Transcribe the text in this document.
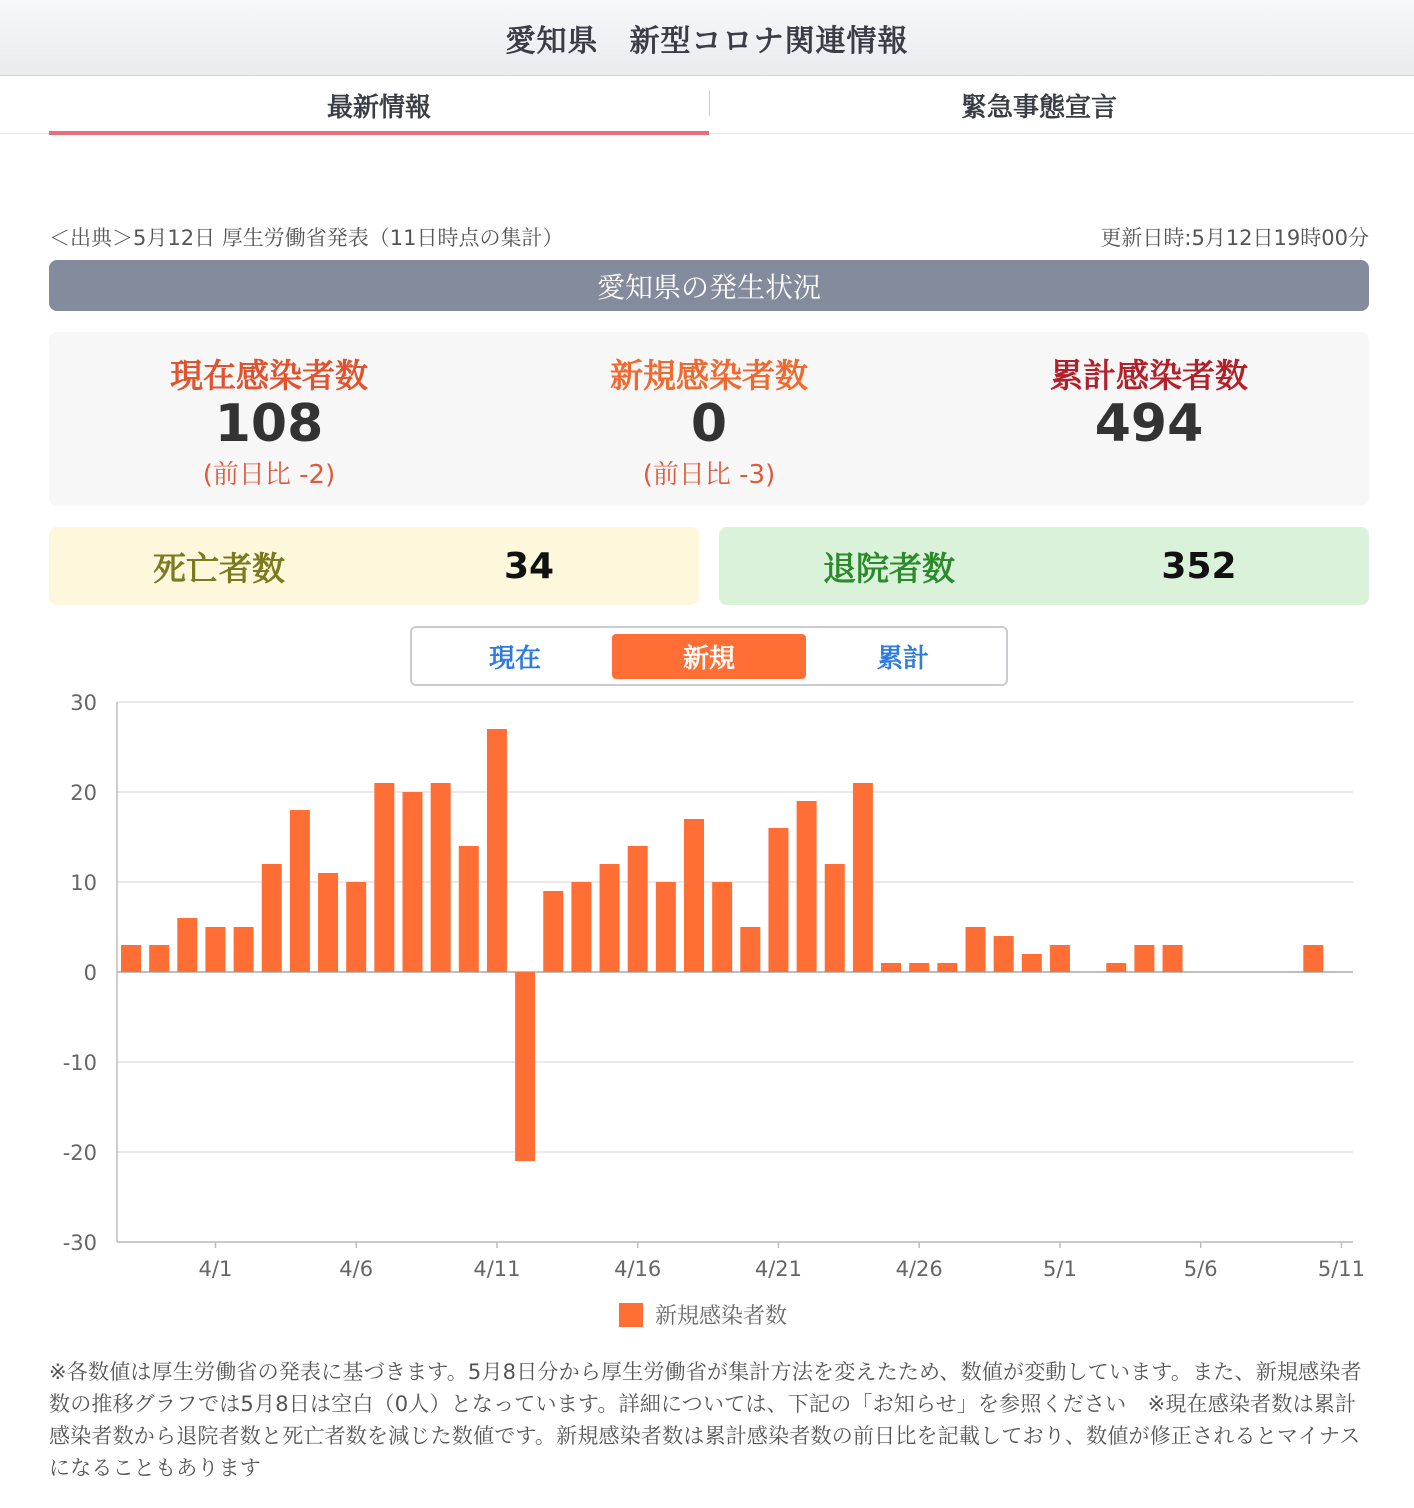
愛知県　新型コロナ関連情報
最新情報	緊急事態宣言
＜出典＞5月12日 厚生労働省発表（11日時点の集計）	更新日時:5月12日19時00分
愛知県の発生状況
現在感染者数
108
(前日比 -2)
新規感染者数
0
(前日比 -3)
累計感染者数
494
死亡者数	34	退院者数	352
現在	新規	累計
30
20
10
0
-10
-20
-30
4/1	4/6	4/11	4/16	4/21	4/26	5/1	5/6	5/11
新規感染者数
※各数値は厚生労働省の発表に基づきます。5月8日分から厚生労働省が集計方法を変えたため、数値が変動しています。また、新規感染者数の推移グラフでは5月8日は空白（0人）となっています。詳細については、下記の「お知らせ」を参照ください　※現在感染者数は累計感染者数から退院者数と死亡者数を減じた数値です。新規感染者数は累計感染者数の前日比を記載しており、数値が修正されるとマイナスになることもあります
